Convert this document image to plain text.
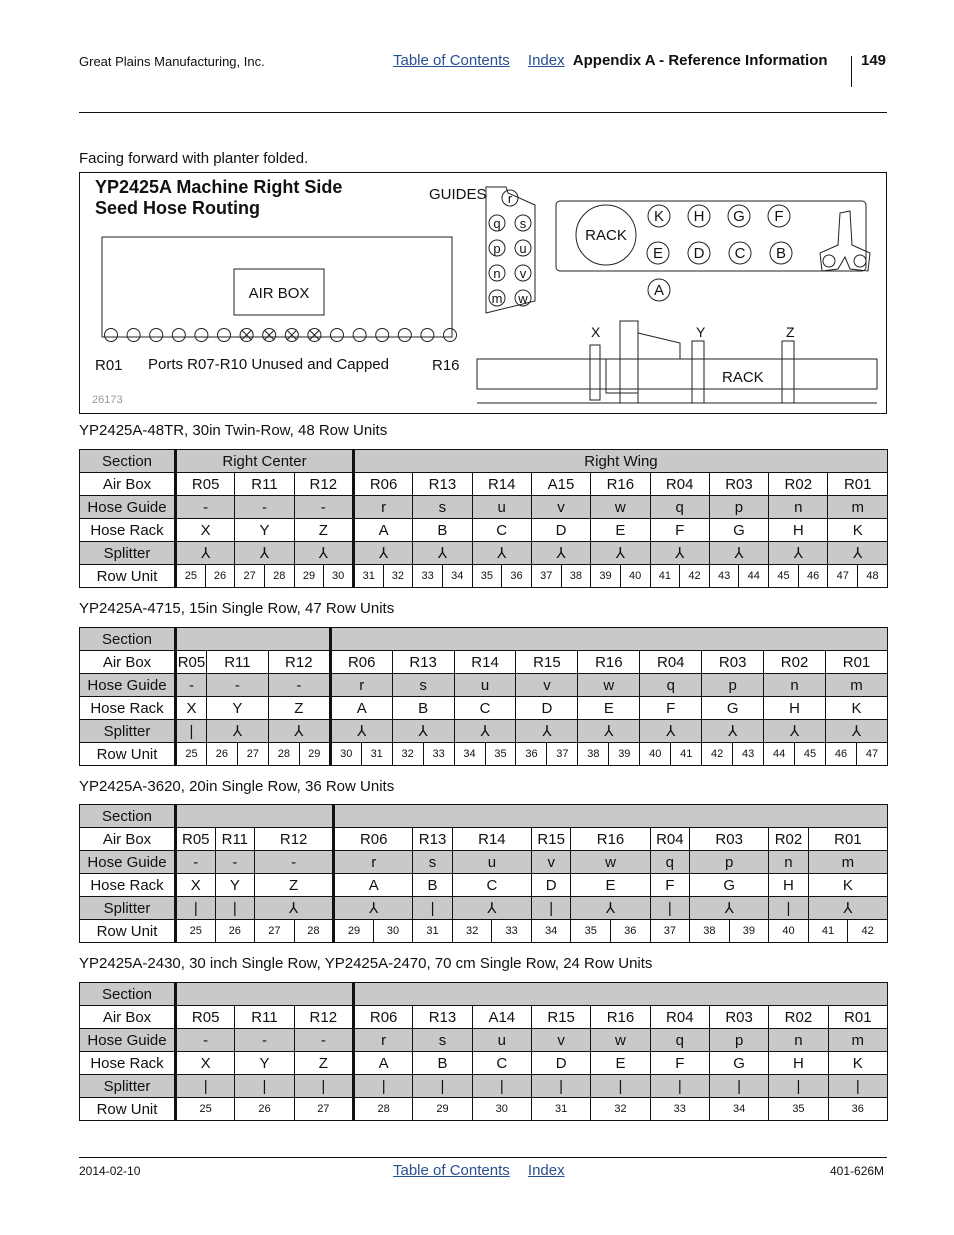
Great Plains Manufacturing, Inc.	Table of Contents Index Appendix A - Reference Information 149
Facing forward with planter folded.
YP2425A Machine Right Side
Seed Hose Routing
AIR BOX
R01 Ports R07-R10 Unused and Capped	R16
26173
GUIDES r
q s
p u
n v
m w
RACK
K H G F
E D C B
A
X	Y	Z
RACK
YP2425A-48TR, 30in Twin-Row, 48 Row Units
Section	Right Center						Right Wing																	
Air Box	R05		R11		R12		R06		R13		R14		A15		R16		R04		R03		R02		R01	
Hose Guide	-		-		-		r		s		u		v		w		q		p		n		m	
Hose Rack	X		Y		Z		A		B		C		D		E		F		G		H		K	
Splitter	⅄		⅄		⅄		⅄		⅄		⅄		⅄		⅄		⅄		⅄		⅄		⅄	
Row Unit	25	26	27	28	29	30	31	32	33	34	35	36	37	38	39	40	41	42	43	44	45	46	47	48
YP2425A-4715, 15in Single Row, 47 Row Units
Section																							
Air Box	R05	R11		R12		R06		R13		R14		R15		R16		R04		R03		R02		R01	
Hose Guide	-	-		-		r		s		u		v		w		q		p		n		m	
Hose Rack	X	Y		Z		A		B		C		D		E		F		G		H		K	
Splitter	|	⅄		⅄		⅄		⅄		⅄		⅄		⅄		⅄		⅄		⅄		⅄	
Row Unit	25	26	27	28	29	30	31	32	33	34	35	36	37	38	39	40	41	42	43	44	45	46	47
YP2425A-3620, 20in Single Row, 36 Row Units
Section																		
Air Box	R05	R11	R12		R06		R13	R14		R15	R16		R04	R03		R02	R01	
Hose Guide	-	-	-		r		s	u		v	w		q	p		n	m	
Hose Rack	X	Y	Z		A		B	C		D	E		F	G		H	K	
Splitter	|	|	⅄		⅄		|	⅄		|	⅄		|	⅄		|	⅄	
Row Unit	25	26	27	28	29	30	31	32	33	34	35	36	37	38	39	40	41	42
YP2425A-2430, 30 inch Single Row, YP2425A-2470, 70 cm Single Row, 24 Row Units
Section												
Air Box	R05	R11	R12	R06	R13	A14	R15	R16	R04	R03	R02	R01
Hose Guide	-	-	-	r	s	u	v	w	q	p	n	m
Hose Rack	X	Y	Z	A	B	C	D	E	F	G	H	K
Splitter	|	|	|	|	|	|	|	|	|	|	|	|
Row Unit	25	26	27	28	29	30	31	32	33	34	35	36
2014-02-10	Table of Contents Index	401-626M
